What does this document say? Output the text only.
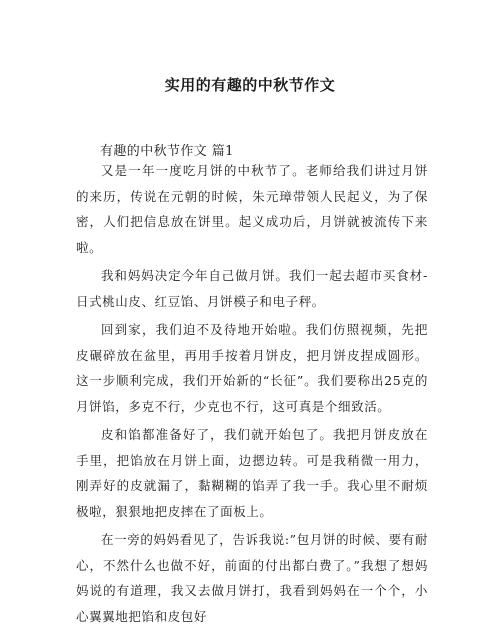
实用的有趣的中秋节作文
有趣的中秋节作文 篇1

又是一年一度吃月饼的中秋节了。老师给我们讲过月饼的来历，传说在元朝的时候，朱元璋带领人民起义，为了保密，人们把信息放在饼里。起义成功后，月饼就被流传下来啦。

我和妈妈决定今年自己做月饼。我们一起去超市买食材-日式桃山皮、红豆馅、月饼模子和电子秤。

回到家，我们迫不及待地开始啦。我们仿照视频，先把皮碾碎放在盆里，再用手按着月饼皮，把月饼皮捏成圆形。这一步顺利完成，我们开始新的“长征”。我们要称出25克的月饼馅，多克不行，少克也不行，这可真是个细致活。

皮和馅都准备好了，我们就开始包了。我把月饼皮放在手里，把馅放在月饼上面，边摁边转。可是我稍微一用力，刚弄好的皮就漏了，黏糊糊的馅弄了我一手。我心里不耐烦极啦，狠狠地把皮摔在了面板上。

在一旁的妈妈看见了，告诉我说:”包月饼的时候、要有耐心，不然什么也做不好，前面的付出都白费了。”我想了想妈妈说的有道理，我又去做月饼打，我看到妈妈在一个个，小心翼翼地把馅和皮包好
